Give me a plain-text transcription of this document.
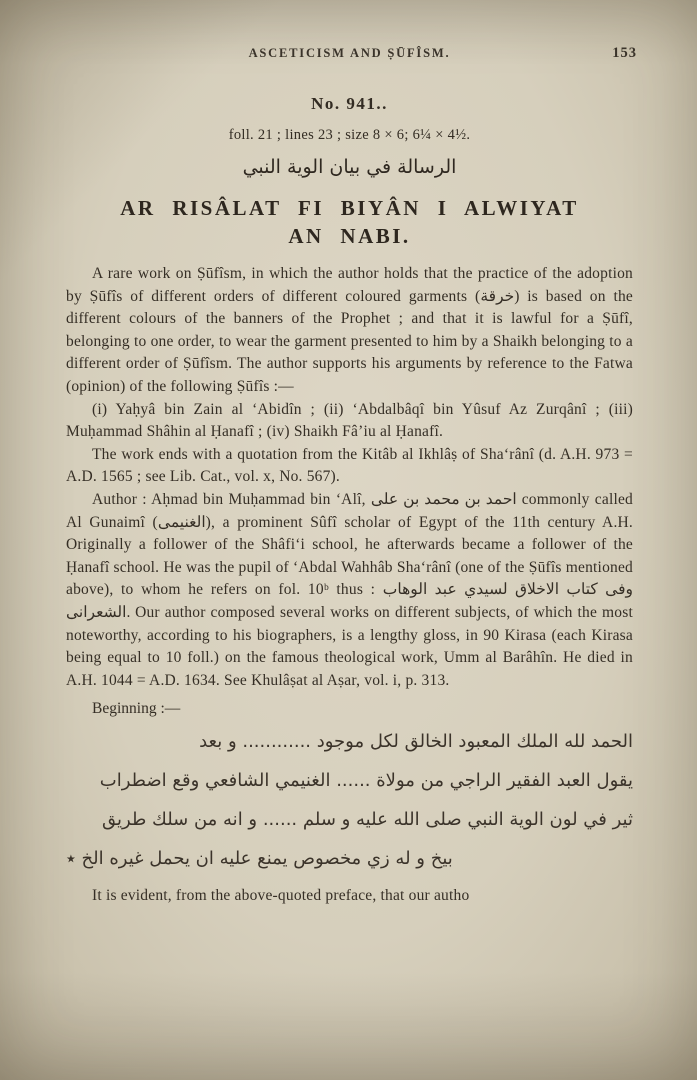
ASCETICISM AND ṢŪFÎSM.	153
No. 941..
foll. 21 ; lines 23 ; size 8 × 6; 6¼ × 4½.
الرسالة في بيان الوية النبي
AR RISÂLAT FI BIYÂN I ALWIYAT
AN NABI.

A rare work on Ṣūfîsm, in which the author holds that the practice of the adoption by Ṣūfîs of different orders of different coloured garments (خرقة) is based on the different colours of the banners of the Prophet ; and that it is lawful for a Ṣūfî, belonging to one order, to wear the garment presented to him by a Shaikh belonging to a different order of Ṣūfîsm. The author supports his arguments by reference to the Fatwa (opinion) of the following Ṣūfîs :—

(i) Yaḥyâ bin Zain al ʻAbidîn ; (ii) ʻAbdalbâqî bin Yûsuf Az Zurqânî ; (iii) Muḥammad Shâhin al Ḥanafî ; (iv) Shaikh Fâʼiu al Ḥanafî.

The work ends with a quotation from the Kitâb al Ikhlâṣ of Shaʻrânî (d. A.H. 973 = A.D. 1565 ; see Lib. Cat., vol. x, No. 567).

Author : Aḥmad bin Muḥammad bin ʻAlî, احمد بن محمد بن على commonly called Al Gunaimî (الغنيمى), a prominent Sûfî scholar of Egypt of the 11th century A.H. Originally a follower of the Shâfiʻi school, he afterwards became a follower of the Ḥanafî school. He was the pupil of ʻAbdal Wahhâb Shaʻrânî (one of the Ṣūfîs mentioned above), to whom he refers on fol. 10ᵇ thus : وفى كتاب الاخلاق لسيدي عبد الوهاب الشعرانى. Our author composed several works on different subjects, of which the most noteworthy, according to his biographers, is a lengthy gloss, in 90 Kirasa (each Kirasa being equal to 10 foll.) on the famous theological work, Umm al Barâhîn. He died in A.H. 1044 = A.D. 1634. See Khulâṣat al Aṣar, vol. i, p. 313.

Beginning :—
الحمد لله الملك المعبود الخالق لكل موجود ............ و بعد
يقول العبد الفقير الراجي من مولاة ...... الغنيمي الشافعي وقع اضطراب
ثير في لون الوية النبي صلى الله عليه و سلم ...... و انه من سلك طريق
بيخ و له زي مخصوص يمنع عليه ان يحمل غيره الخ ٭
It is evident, from the above-quoted preface, that our autho
